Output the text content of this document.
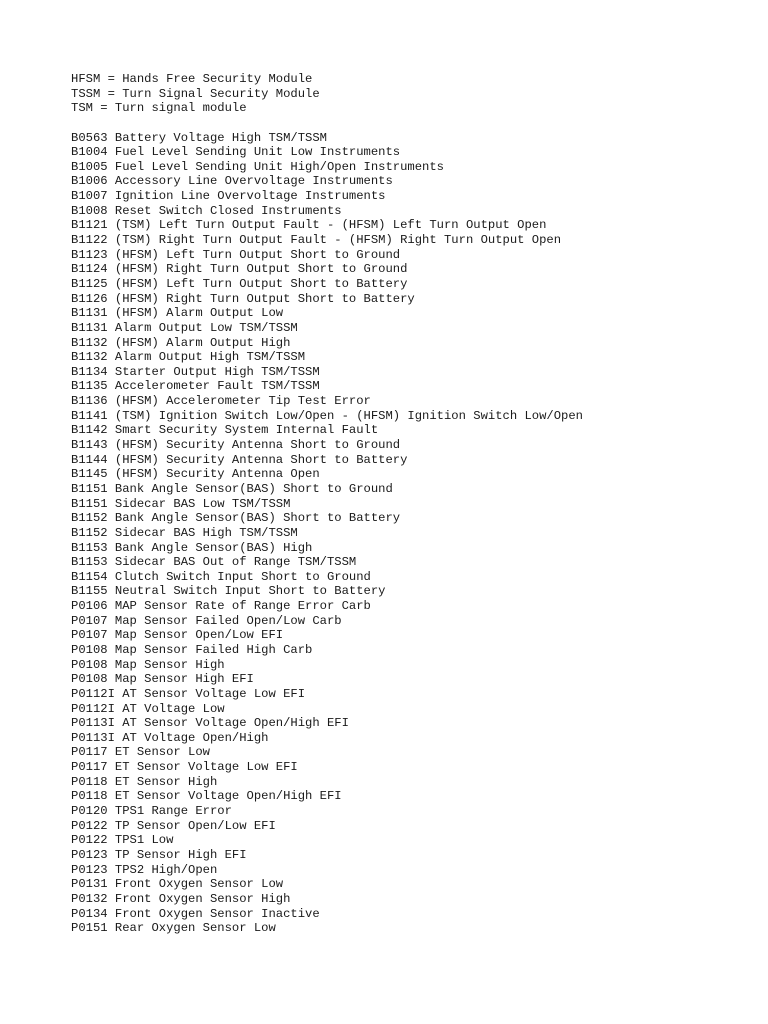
HFSM = Hands Free Security Module
TSSM = Turn Signal Security Module
TSM = Turn signal module
B0563 Battery Voltage High TSM/TSSM
B1004 Fuel Level Sending Unit Low Instruments
B1005 Fuel Level Sending Unit High/Open Instruments
B1006 Accessory Line Overvoltage Instruments
B1007 Ignition Line Overvoltage Instruments
B1008 Reset Switch Closed Instruments
B1121 (TSM) Left Turn Output Fault - (HFSM) Left Turn Output Open
B1122 (TSM) Right Turn Output Fault - (HFSM) Right Turn Output Open
B1123 (HFSM) Left Turn Output Short to Ground
B1124 (HFSM) Right Turn Output Short to Ground
B1125 (HFSM) Left Turn Output Short to Battery
B1126 (HFSM) Right Turn Output Short to Battery
B1131 (HFSM) Alarm Output Low
B1131 Alarm Output Low TSM/TSSM
B1132 (HFSM) Alarm Output High
B1132 Alarm Output High TSM/TSSM
B1134 Starter Output High TSM/TSSM
B1135 Accelerometer Fault TSM/TSSM
B1136 (HFSM) Accelerometer Tip Test Error
B1141 (TSM) Ignition Switch Low/Open - (HFSM) Ignition Switch Low/Open
B1142 Smart Security System Internal Fault
B1143 (HFSM) Security Antenna Short to Ground
B1144 (HFSM) Security Antenna Short to Battery
B1145 (HFSM) Security Antenna Open
B1151 Bank Angle Sensor(BAS) Short to Ground
B1151 Sidecar BAS Low TSM/TSSM
B1152 Bank Angle Sensor(BAS) Short to Battery
B1152 Sidecar BAS High TSM/TSSM
B1153 Bank Angle Sensor(BAS) High
B1153 Sidecar BAS Out of Range TSM/TSSM
B1154 Clutch Switch Input Short to Ground
B1155 Neutral Switch Input Short to Battery
P0106 MAP Sensor Rate of Range Error Carb
P0107 Map Sensor Failed Open/Low Carb
P0107 Map Sensor Open/Low EFI
P0108 Map Sensor Failed High Carb
P0108 Map Sensor High
P0108 Map Sensor High EFI
P0112I AT Sensor Voltage Low EFI
P0112I AT Voltage Low
P0113I AT Sensor Voltage Open/High EFI
P0113I AT Voltage Open/High
P0117 ET Sensor Low
P0117 ET Sensor Voltage Low EFI
P0118 ET Sensor High
P0118 ET Sensor Voltage Open/High EFI
P0120 TPS1 Range Error
P0122 TP Sensor Open/Low EFI
P0122 TPS1 Low
P0123 TP Sensor High EFI
P0123 TPS2 High/Open
P0131 Front Oxygen Sensor Low
P0132 Front Oxygen Sensor High
P0134 Front Oxygen Sensor Inactive
P0151 Rear Oxygen Sensor Low
